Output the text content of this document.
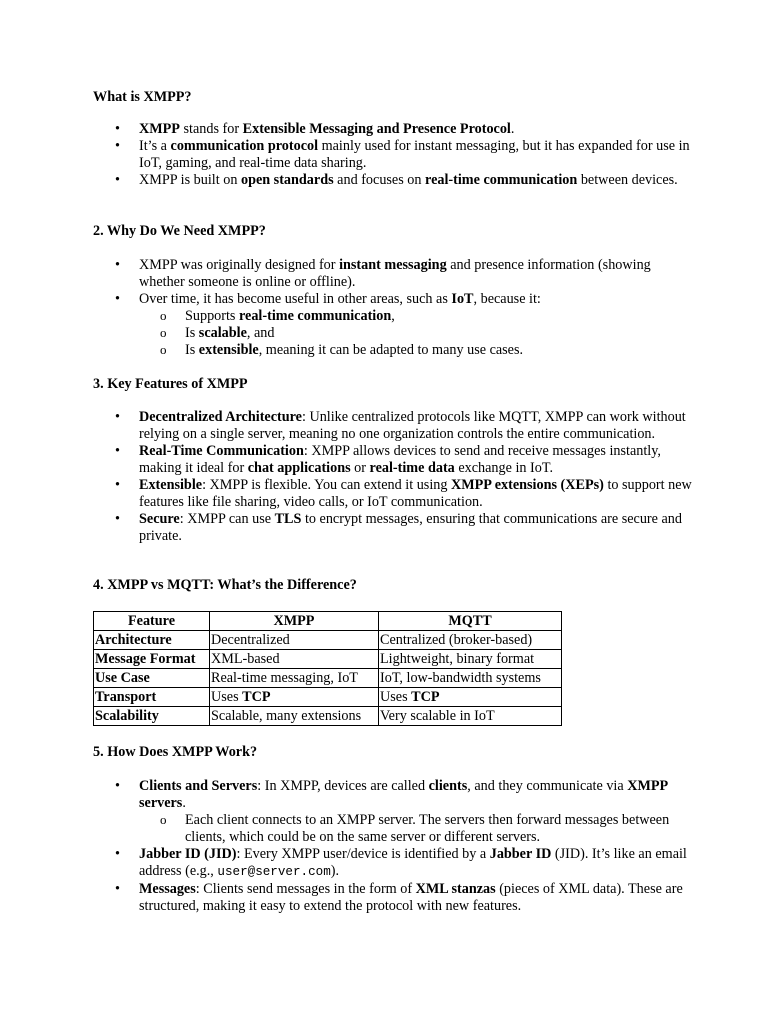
What is XMPP?
• XMPP stands for Extensible Messaging and Presence Protocol.
• It’s a communication protocol mainly used for instant messaging, but it has expanded for use in IoT, gaming, and real-time data sharing.
• XMPP is built on open standards and focuses on real-time communication between devices.
2. Why Do We Need XMPP?
• XMPP was originally designed for instant messaging and presence information (showing whether someone is online or offline).
• Over time, it has become useful in other areas, such as IoT, because it:
o Supports real-time communication,
o Is scalable, and
o Is extensible, meaning it can be adapted to many use cases.
3. Key Features of XMPP
• Decentralized Architecture: Unlike centralized protocols like MQTT, XMPP can work without relying on a single server, meaning no one organization controls the entire communication.
• Real-Time Communication: XMPP allows devices to send and receive messages instantly, making it ideal for chat applications or real-time data exchange in IoT.
• Extensible: XMPP is flexible. You can extend it using XMPP extensions (XEPs) to support new features like file sharing, video calls, or IoT communication.
• Secure: XMPP can use TLS to encrypt messages, ensuring that communications are secure and private.
4. XMPP vs MQTT: What’s the Difference?
Feature	XMPP	MQTT
Architecture	Decentralized	Centralized (broker-based)
Message Format	XML-based	Lightweight, binary format
Use Case	Real-time messaging, IoT	IoT, low-bandwidth systems
Transport	Uses TCP	Uses TCP
Scalability	Scalable, many extensions	Very scalable in IoT
5. How Does XMPP Work?
• Clients and Servers: In XMPP, devices are called clients, and they communicate via XMPP servers.
o Each client connects to an XMPP server. The servers then forward messages between clients, which could be on the same server or different servers.
• Jabber ID (JID): Every XMPP user/device is identified by a Jabber ID (JID). It’s like an email address (e.g., user@server.com).
• Messages: Clients send messages in the form of XML stanzas (pieces of XML data). These are structured, making it easy to extend the protocol with new features.
